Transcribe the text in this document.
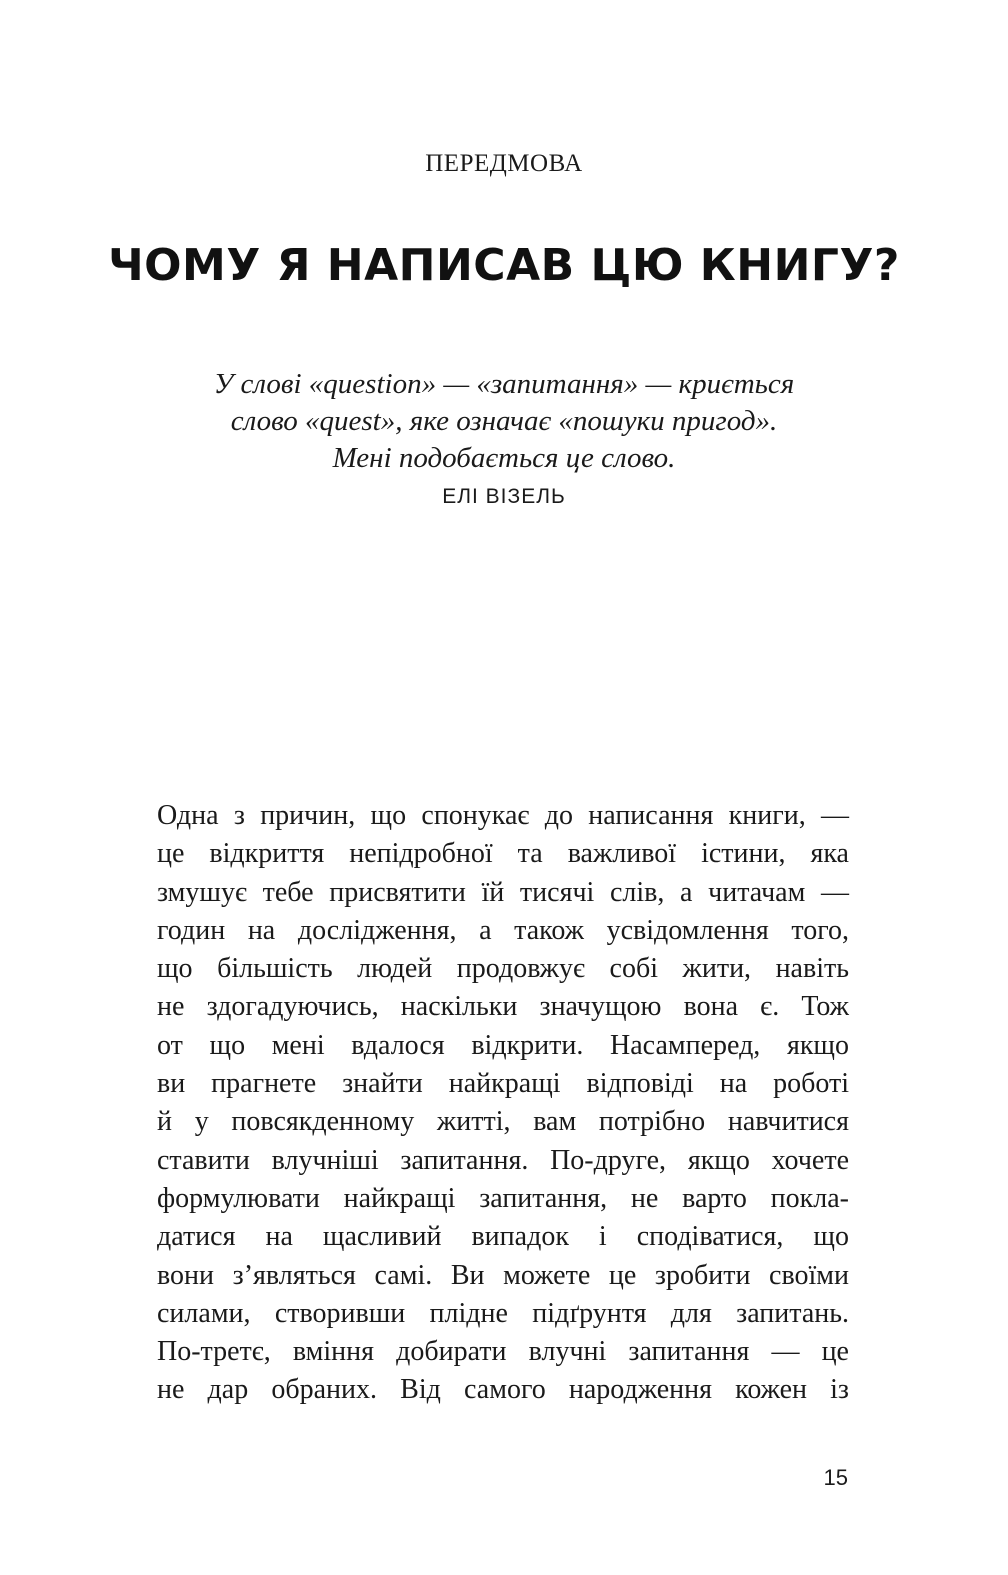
ПЕРЕДМОВА
ЧОМУ Я НАПИСАВ ЦЮ КНИГУ?
У слові «question» — «запитання» — криється
слово «quest», яке означає «пошуки пригод».
Мені подобається це слово.
ЕЛІ ВІЗЕЛЬ
Одна з причин, що спонукає до написання книги, —
це відкриття непідробної та важливої істини, яка
змушує тебе присвятити їй тисячі слів, а читачам —
годин на дослідження, а також усвідомлення того,
що більшість людей продовжує собі жити, навіть
не здогадуючись, наскільки значущою вона є. Тож
от що мені вдалося відкрити. Насамперед, якщо
ви прагнете знайти найкращі відповіді на роботі
й у повсякденному житті, вам потрібно навчитися
ставити влучніші запитання. По-друге, якщо хочете
формулювати найкращі запитання, не варто покла-
датися на щасливий випадок і сподіватися, що
вони з’являться самі. Ви можете це зробити своїми
силами, створивши плідне підґрунтя для запитань.
По-третє, вміння добирати влучні запитання — це
не дар обраних. Від самого народження кожен із
15
